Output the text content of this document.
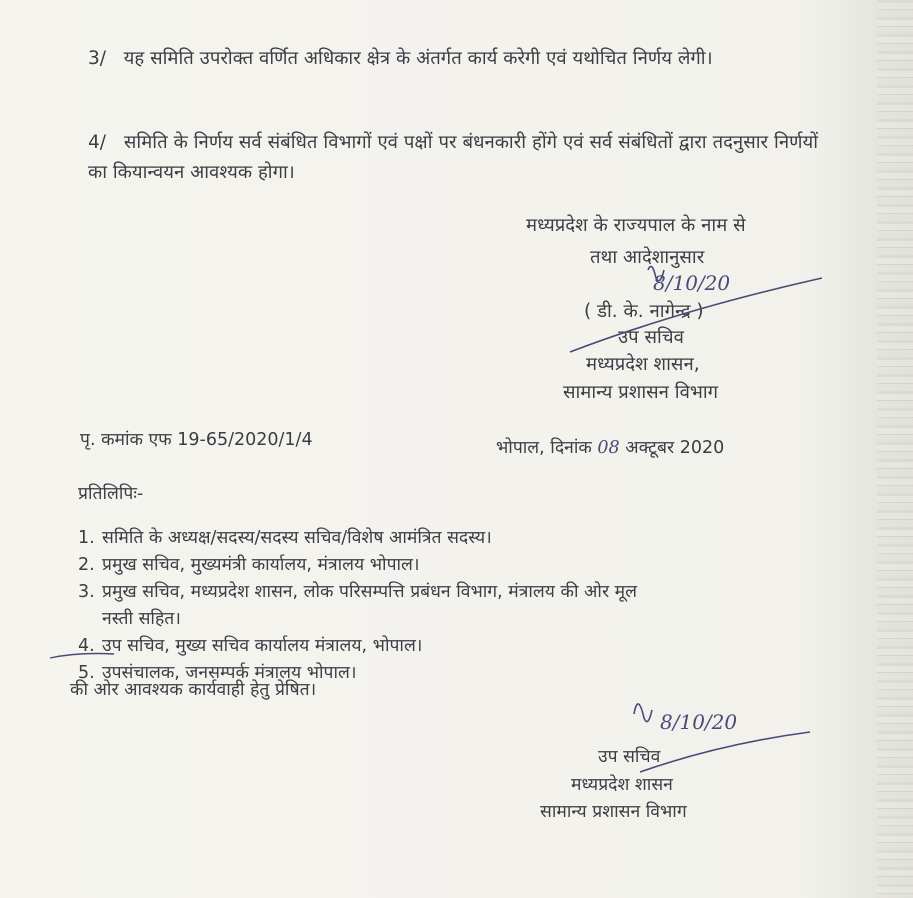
3/ यह समिति उपरोक्त वर्णित अधिकार क्षेत्र के अंतर्गत कार्य करेगी एवं यथोचित निर्णय लेगी।
4/ समिति के निर्णय सर्व संबंधित विभागों एवं पक्षों पर बंधनकारी होंगे एवं सर्व संबंधितों द्वारा तदनुसार निर्णयों का कियान्वयन आवश्यक होगा।
मध्यप्रदेश के राज्यपाल के नाम से
तथा आदेशानुसार
8/10/20
( डी. के. नागेन्द्र )
उप सचिव
मध्यप्रदेश शासन,
सामान्य प्रशासन विभाग
पृ. कमांक एफ 19-65/2020/1/4	भोपाल, दिनांक 08 अक्टूबर 2020
प्रतिलिपिः-
1. समिति के अध्यक्ष/सदस्य/सदस्य सचिव/विशेष आमंत्रित सदस्य।
2. प्रमुख सचिव, मुख्यमंत्री कार्यालय, मंत्रालय भोपाल।
3. प्रमुख सचिव, मध्यप्रदेश शासन, लोक परिसम्पत्ति प्रबंधन विभाग, मंत्रालय की ओर मूल
नस्ती सहित।
4. उप सचिव, मुख्य सचिव कार्यालय मंत्रालय, भोपाल।
5. उपसंचालक, जनसम्पर्क मंत्रालय भोपाल।
की ओर आवश्यक कार्यवाही हेतु प्रेषित।
8/10/20
उप सचिव
मध्यप्रदेश शासन
सामान्य प्रशासन विभाग
